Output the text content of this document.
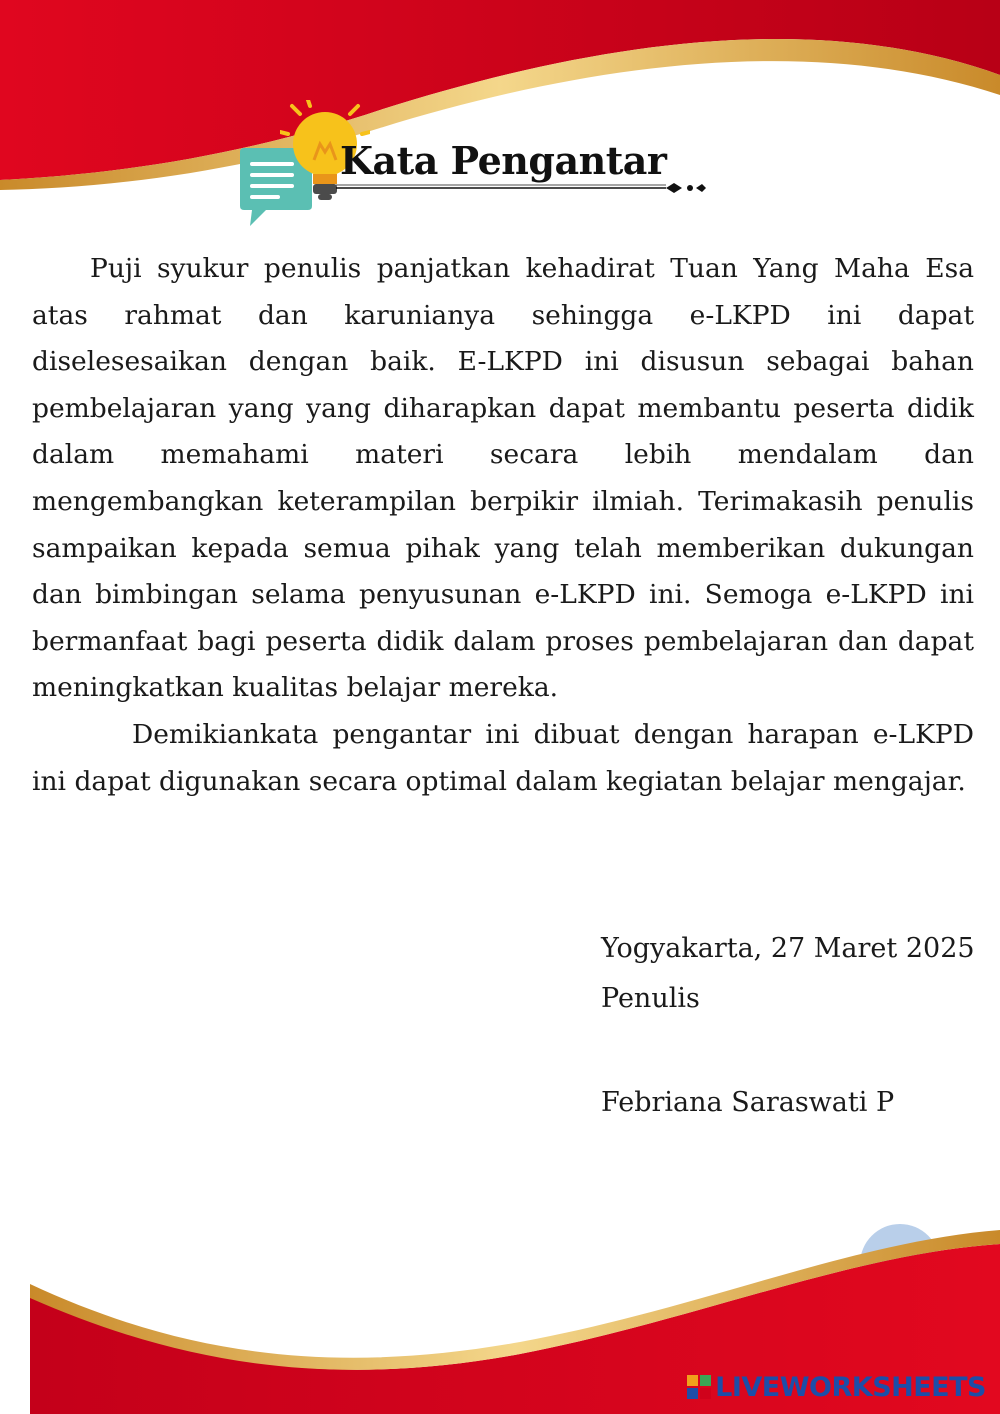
Kata Pengantar

Puji syukur penulis panjatkan kehadirat Tuan Yang Maha Esa atas rahmat dan karunianya sehingga e-LKPD ini dapat diselesesaikan dengan baik. E-LKPD ini disusun sebagai bahan pembelajaran yang yang diharapkan dapat membantu peserta didik dalam memahami materi secara lebih mendalam dan mengembangkan keterampilan berpikir ilmiah. Terimakasih penulis sampaikan kepada semua pihak yang telah memberikan dukungan dan bimbingan selama penyusunan e-LKPD ini. Semoga e-LKPD ini bermanfaat bagi peserta didik dalam proses pembelajaran dan dapat meningkatkan kualitas belajar mereka.

Demikiankata pengantar ini dibuat dengan harapan e-LKPD ini dapat digunakan secara optimal dalam kegiatan belajar mengajar.

Yogyakarta, 27 Maret 2025
Penulis
Febriana Saraswati P
LIVEWORKSHEETS
